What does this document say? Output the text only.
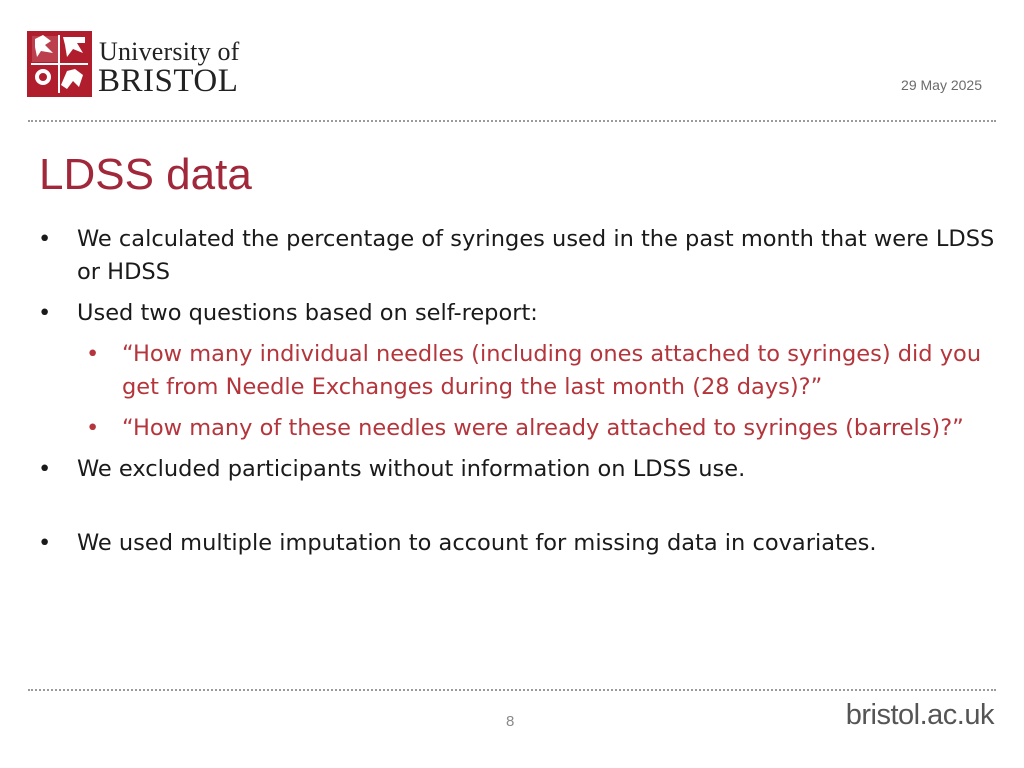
University of
BRISTOL	29 May 2025
LDSS data
• We calculated the percentage of syringes used in the past month that were LDSS or HDSS
• Used two questions based on self-report:
• “How many individual needles (including ones attached to syringes) did you get from Needle Exchanges during the last month (28 days)?”
• “How many of these needles were already attached to syringes (barrels)?”
• We excluded participants without information on LDSS use.
• We used multiple imputation to account for missing data in covariates.
8	bristol.ac.uk
